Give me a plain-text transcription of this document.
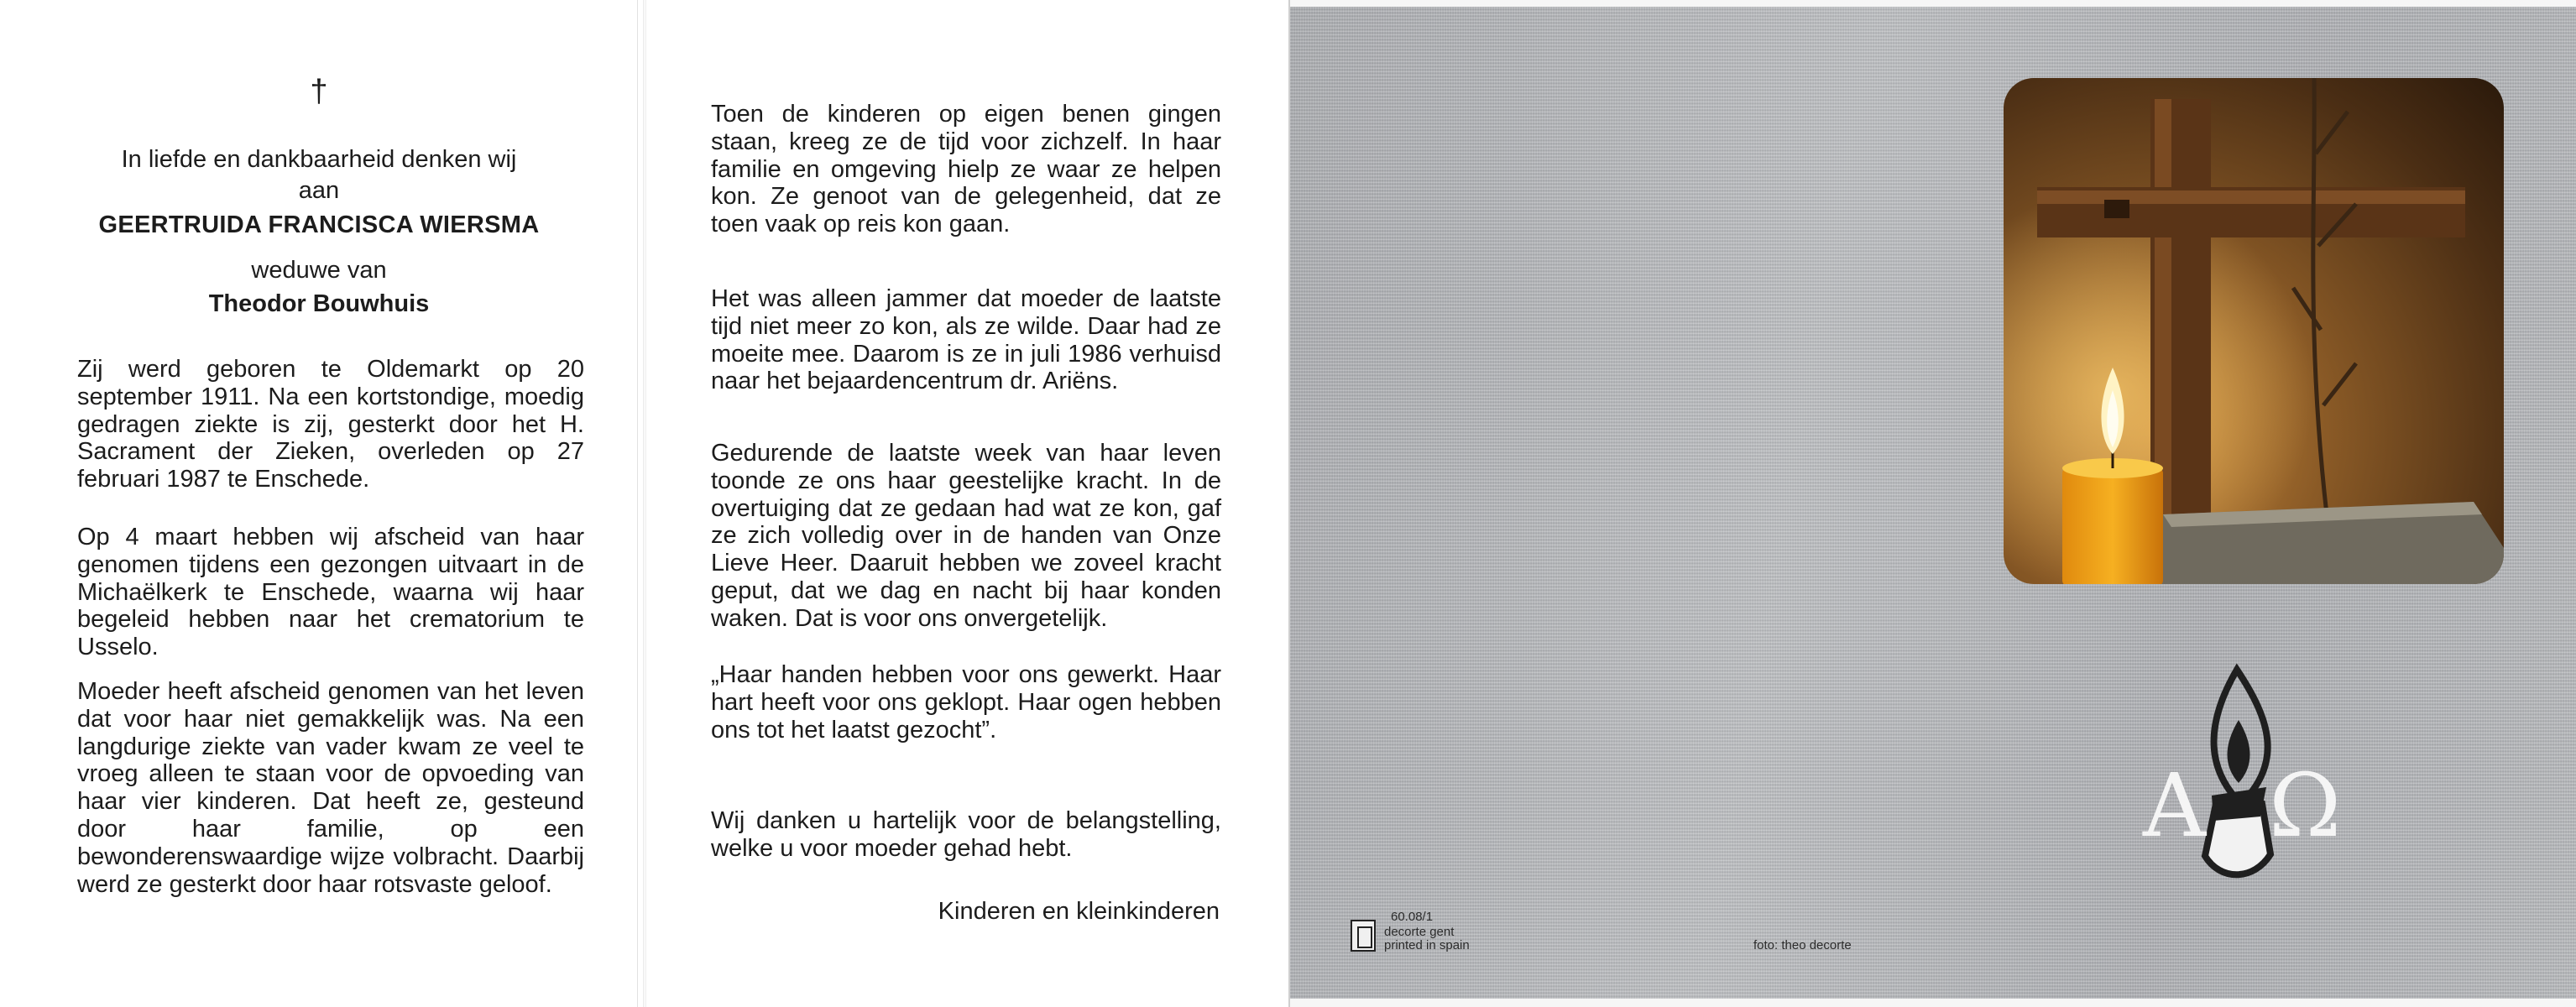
†
In liefde en dankbaarheid denken wij
aan
GEERTRUIDA FRANCISCA WIERSMA
weduwe van
Theodor Bouwhuis

Zij werd geboren te Oldemarkt op 20 september 1911. Na een kortstondige, moedig gedragen ziekte is zij, gesterkt door het H. Sacrament der Zieken, overleden op 27 februari 1987 te Enschede.

Op 4 maart hebben wij afscheid van haar genomen tijdens een gezongen uitvaart in de Michaëlkerk te Enschede, waarna wij haar begeleid hebben naar het crematorium te Usselo.

Moeder heeft afscheid genomen van het leven dat voor haar niet gemakkelijk was. Na een langdurige ziekte van vader kwam ze veel te vroeg alleen te staan voor de opvoeding van haar vier kinderen. Dat heeft ze, gesteund door haar familie, op een bewonderenswaardige wijze volbracht. Daarbij werd ze gesterkt door haar rotsvaste geloof.

Toen de kinderen op eigen benen gingen staan, kreeg ze de tijd voor zichzelf. In haar familie en omgeving hielp ze waar ze helpen kon. Ze genoot van de gelegenheid, dat ze toen vaak op reis kon gaan.

Het was alleen jammer dat moeder de laatste tijd niet meer zo kon, als ze wilde. Daar had ze moeite mee. Daarom is ze in juli 1986 verhuisd naar het bejaardencentrum dr. Ariëns.

Gedurende de laatste week van haar leven toonde ze ons haar geestelijke kracht. In de overtuiging dat ze gedaan had wat ze kon, gaf ze zich volledig over in de handen van Onze Lieve Heer. Daaruit hebben we zoveel kracht geput, dat we dag en nacht bij haar konden waken. Dat is voor ons onvergetelijk.

„Haar handen hebben voor ons gewerkt. Haar hart heeft voor ons geklopt. Haar ogen hebben ons tot het laatst gezocht”.

Wij danken u hartelijk voor de belangstelling, welke u voor moeder gehad hebt.

Kinderen en kleinkinderen
Α Ω
60.08/1
decorte gent
printed in spain	foto: theo decorte
